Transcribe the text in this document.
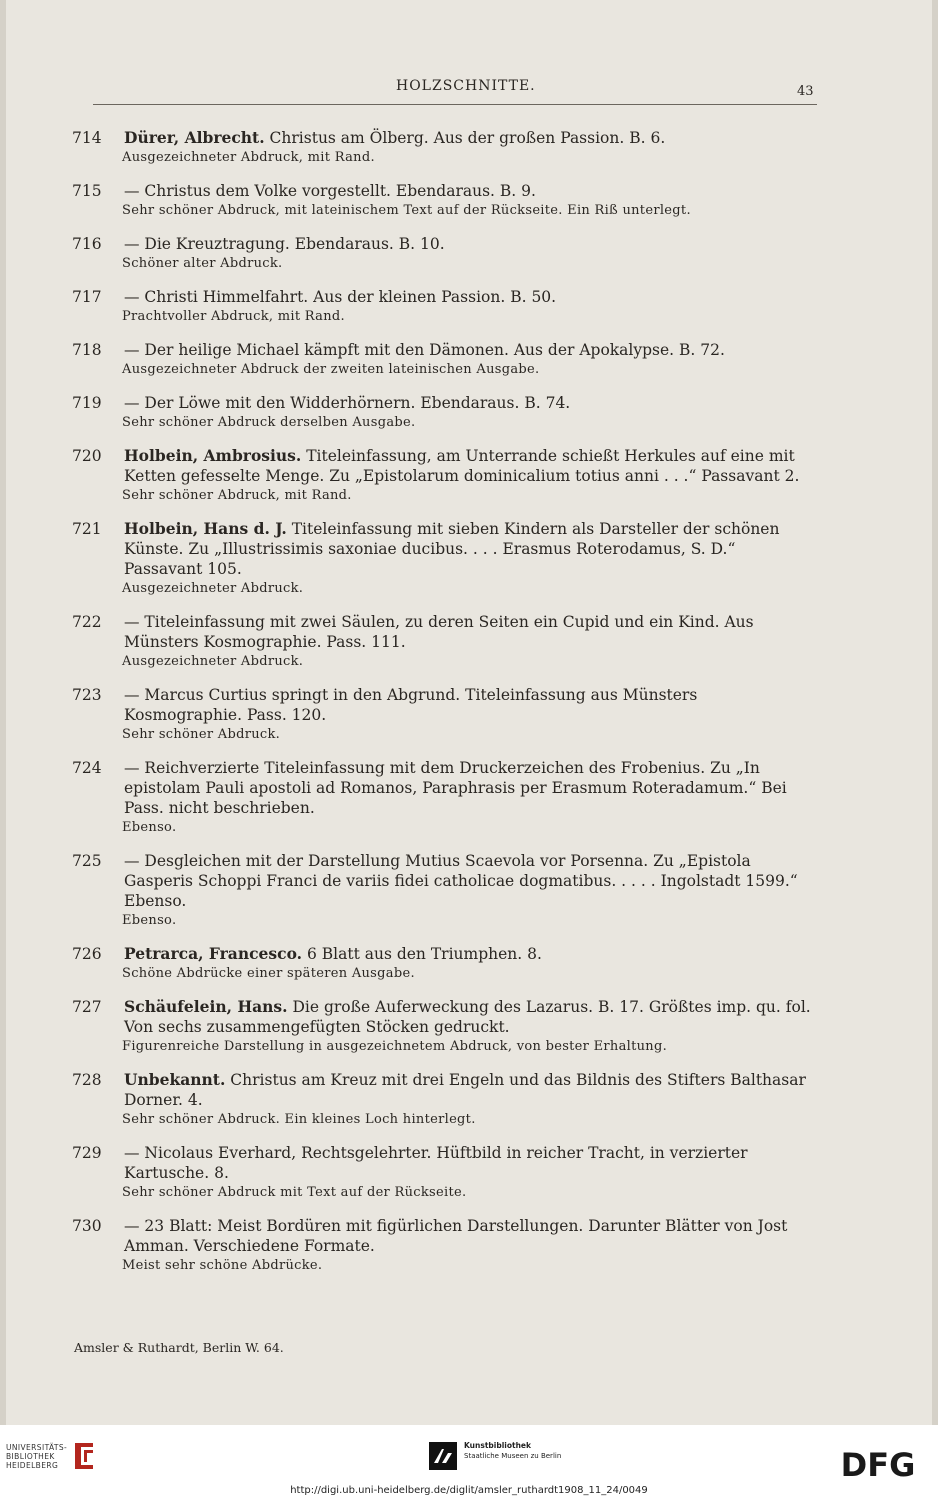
HOLZSCHNITTE.	43
714	Dürer, Albrecht. Christus am Ölberg. Aus der großen Passion. B. 6.
Ausgezeichneter Abdruck, mit Rand.
715	— Christus dem Volke vorgestellt. Ebendaraus. B. 9.
Sehr schöner Abdruck, mit lateinischem Text auf der Rückseite. Ein Riß unterlegt.
716	— Die Kreuztragung. Ebendaraus. B. 10.
Schöner alter Abdruck.
717	— Christi Himmelfahrt. Aus der kleinen Passion. B. 50.
Prachtvoller Abdruck, mit Rand.
718	— Der heilige Michael kämpft mit den Dämonen. Aus der Apokalypse. B. 72.
Ausgezeichneter Abdruck der zweiten lateinischen Ausgabe.
719	— Der Löwe mit den Widderhörnern. Ebendaraus. B. 74.
Sehr schöner Abdruck derselben Ausgabe.
720	Holbein, Ambrosius. Titeleinfassung, am Unterrande schießt Herkules auf eine mit Ketten gefesselte Menge. Zu „Epistolarum dominicalium totius anni . . .“ Passavant 2.
Sehr schöner Abdruck, mit Rand.
721	Holbein, Hans d. J. Titeleinfassung mit sieben Kindern als Darsteller der schönen Künste. Zu „Illustrissimis saxoniae ducibus. . . . Erasmus Roterodamus, S. D.“ Passavant 105.
Ausgezeichneter Abdruck.
722	— Titeleinfassung mit zwei Säulen, zu deren Seiten ein Cupid und ein Kind. Aus Münsters Kosmographie. Pass. 111.
Ausgezeichneter Abdruck.
723	— Marcus Curtius springt in den Abgrund. Titeleinfassung aus Münsters Kosmographie. Pass. 120.
Sehr schöner Abdruck.
724	— Reichverzierte Titeleinfassung mit dem Druckerzeichen des Frobenius. Zu „In epistolam Pauli apostoli ad Romanos, Paraphrasis per Erasmum Roteradamum.“ Bei Pass. nicht beschrieben.
Ebenso.
725	— Desgleichen mit der Darstellung Mutius Scaevola vor Porsenna. Zu „Epistola Gasperis Schoppi Franci de variis fidei catholicae dogmatibus. . . . . Ingolstadt 1599.“ Ebenso.
Ebenso.
726	Petrarca, Francesco. 6 Blatt aus den Triumphen. 8.
Schöne Abdrücke einer späteren Ausgabe.
727	Schäufelein, Hans. Die große Auferweckung des Lazarus. B. 17. Größtes imp. qu. fol. Von sechs zusammengefügten Stöcken gedruckt.
Figurenreiche Darstellung in ausgezeichnetem Abdruck, von bester Erhaltung.
728	Unbekannt. Christus am Kreuz mit drei Engeln und das Bildnis des Stifters Balthasar Dorner. 4.
Sehr schöner Abdruck. Ein kleines Loch hinterlegt.
729	— Nicolaus Everhard, Rechtsgelehrter. Hüftbild in reicher Tracht, in verzierter Kartusche. 8.
Sehr schöner Abdruck mit Text auf der Rückseite.
730	— 23 Blatt: Meist Bordüren mit figürlichen Darstellungen. Darunter Blätter von Jost Amman. Verschiedene Formate.
Meist sehr schöne Abdrücke.
Amsler & Ruthardt, Berlin W. 64.
UNIVERSITÄTS-
BIBLIOTHEK
HEIDELBERG
Kunstbibliothek
Staatliche Museen zu Berlin	DFG
http://digi.ub.uni-heidelberg.de/diglit/amsler_ruthardt1908_11_24/0049
